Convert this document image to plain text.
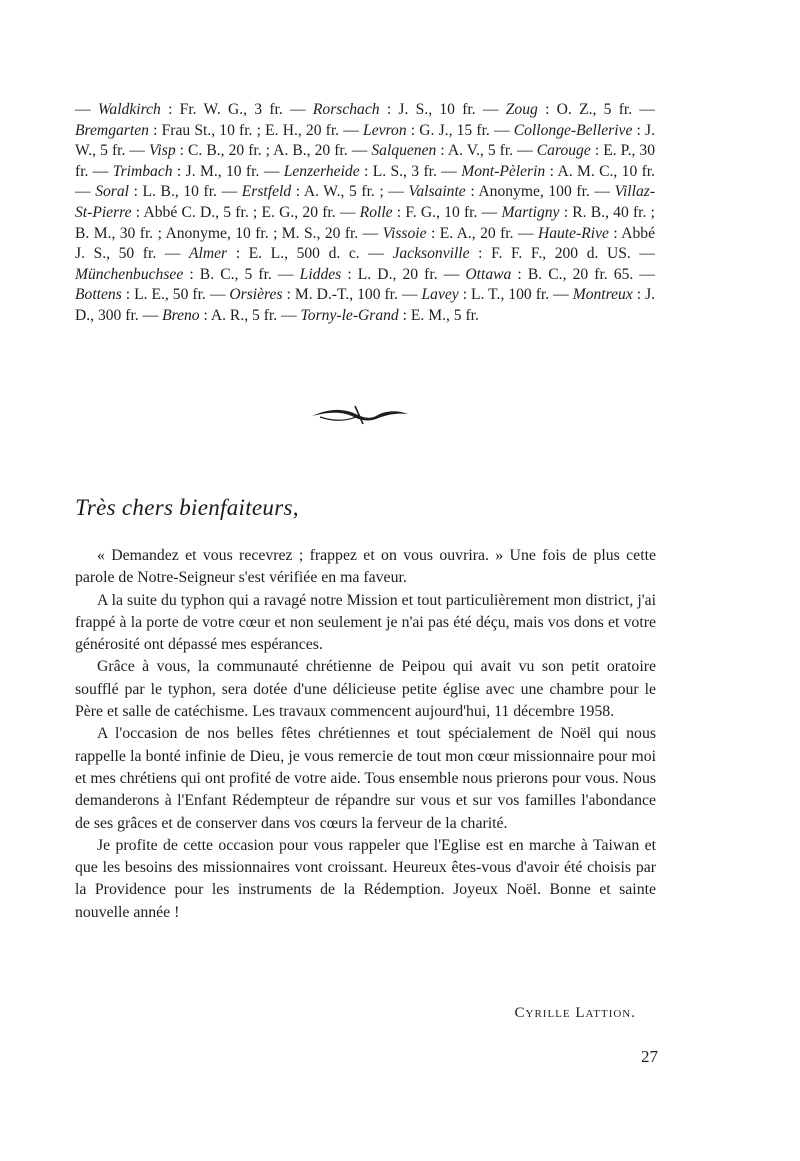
— Waldkirch : Fr. W. G., 3 fr. — Rorschach : J. S., 10 fr. — Zoug : O. Z., 5 fr. — Bremgarten : Frau St., 10 fr. ; E. H., 20 fr. — Levron : G. J., 15 fr. — Collonge-Bellerive : J. W., 5 fr. — Visp : C. B., 20 fr. ; A. B., 20 fr. — Salquenen : A. V., 5 fr. — Carouge : E. P., 30 fr. — Trimbach : J. M., 10 fr. — Lenzerheide : L. S., 3 fr. — Mont-Pèlerin : A. M. C., 10 fr. — Soral : L. B., 10 fr. — Erstfeld : A. W., 5 fr. ; — Valsainte : Anonyme, 100 fr. — Villaz-St-Pierre : Abbé C. D., 5 fr. ; E. G., 20 fr. — Rolle : F. G., 10 fr. — Martigny : R. B., 40 fr. ; B. M., 30 fr. ; Anonyme, 10 fr. ; M. S., 20 fr. — Vissoie : E. A., 20 fr. — Haute-Rive : Abbé J. S., 50 fr. — Almer : E. L., 500 d. c. — Jacksonville : F. F. F., 200 d. US. — Münchenbuchsee : B. C., 5 fr. — Liddes : L. D., 20 fr. — Ottawa : B. C., 20 fr. 65. — Bottens : L. E., 50 fr. — Orsières : M. D.-T., 100 fr. — Lavey : L. T., 100 fr. — Montreux : J. D., 300 fr. — Breno : A. R., 5 fr. — Torny-le-Grand : E. M., 5 fr.

Très chers bienfaiteurs,

« Demandez et vous recevrez ; frappez et on vous ouvrira. » Une fois de plus cette parole de Notre-Seigneur s'est vérifiée en ma faveur.

A la suite du typhon qui a ravagé notre Mission et tout particulièrement mon district, j'ai frappé à la porte de votre cœur et non seulement je n'ai pas été déçu, mais vos dons et votre générosité ont dépassé mes espérances.

Grâce à vous, la communauté chrétienne de Peipou qui avait vu son petit oratoire soufflé par le typhon, sera dotée d'une délicieuse petite église avec une chambre pour le Père et salle de catéchisme. Les travaux commencent aujourd'hui, 11 décembre 1958.

A l'occasion de nos belles fêtes chrétiennes et tout spécialement de Noël qui nous rappelle la bonté infinie de Dieu, je vous remercie de tout mon cœur missionnaire pour moi et mes chrétiens qui ont profité de votre aide. Tous ensemble nous prierons pour vous. Nous demanderons à l'Enfant Rédempteur de répandre sur vous et sur vos familles l'abondance de ses grâces et de conserver dans vos cœurs la ferveur de la charité.

Je profite de cette occasion pour vous rappeler que l'Eglise est en marche à Taiwan et que les besoins des missionnaires vont croissant. Heureux êtes-vous d'avoir été choisis par la Providence pour les instruments de la Rédemption. Joyeux Noël. Bonne et sainte nouvelle année !

Cyrille Lattion.

27
